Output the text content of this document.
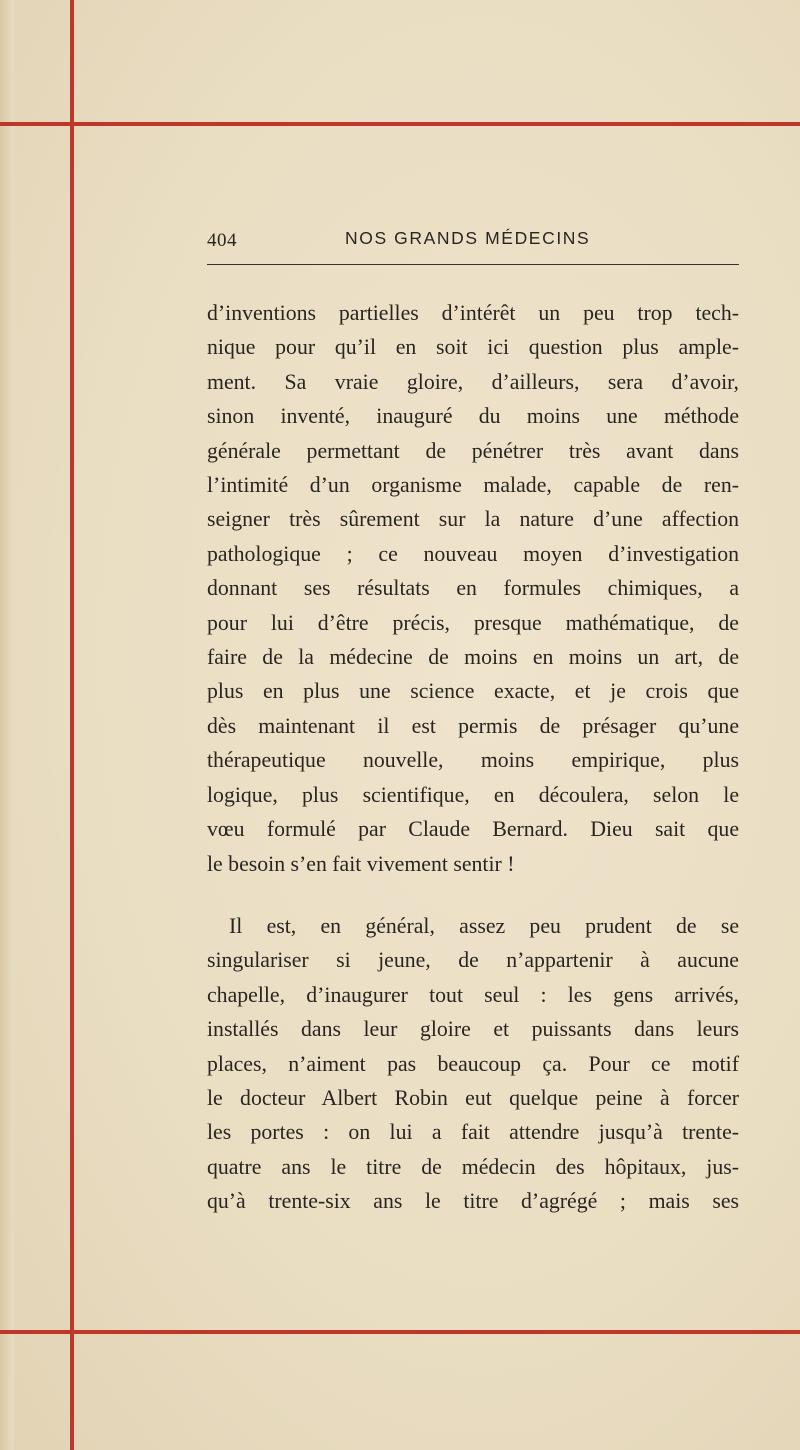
404	NOS GRANDS MÉDECINS
d’inventions partielles d’intérêt un peu trop tech-
nique pour qu’il en soit ici question plus ample-
ment. Sa vraie gloire, d’ailleurs, sera d’avoir,
sinon inventé, inauguré du moins une méthode
générale permettant de pénétrer très avant dans
l’intimité d’un organisme malade, capable de ren-
seigner très sûrement sur la nature d’une affection
pathologique ; ce nouveau moyen d’investigation
donnant ses résultats en formules chimiques, a
pour lui d’être précis, presque mathématique, de
faire de la médecine de moins en moins un art, de
plus en plus une science exacte, et je crois que
dès maintenant il est permis de présager qu’une
thérapeutique nouvelle, moins empirique, plus
logique, plus scientifique, en découlera, selon le
vœu formulé par Claude Bernard. Dieu sait que
le besoin s’en fait vivement sentir !
Il est, en général, assez peu prudent de se
singulariser si jeune, de n’appartenir à aucune
chapelle, d’inaugurer tout seul : les gens arrivés,
installés dans leur gloire et puissants dans leurs
places, n’aiment pas beaucoup ça. Pour ce motif
le docteur Albert Robin eut quelque peine à forcer
les portes : on lui a fait attendre jusqu’à trente-
quatre ans le titre de médecin des hôpitaux, jus-
qu’à trente-six ans le titre d’agrégé ; mais ses
